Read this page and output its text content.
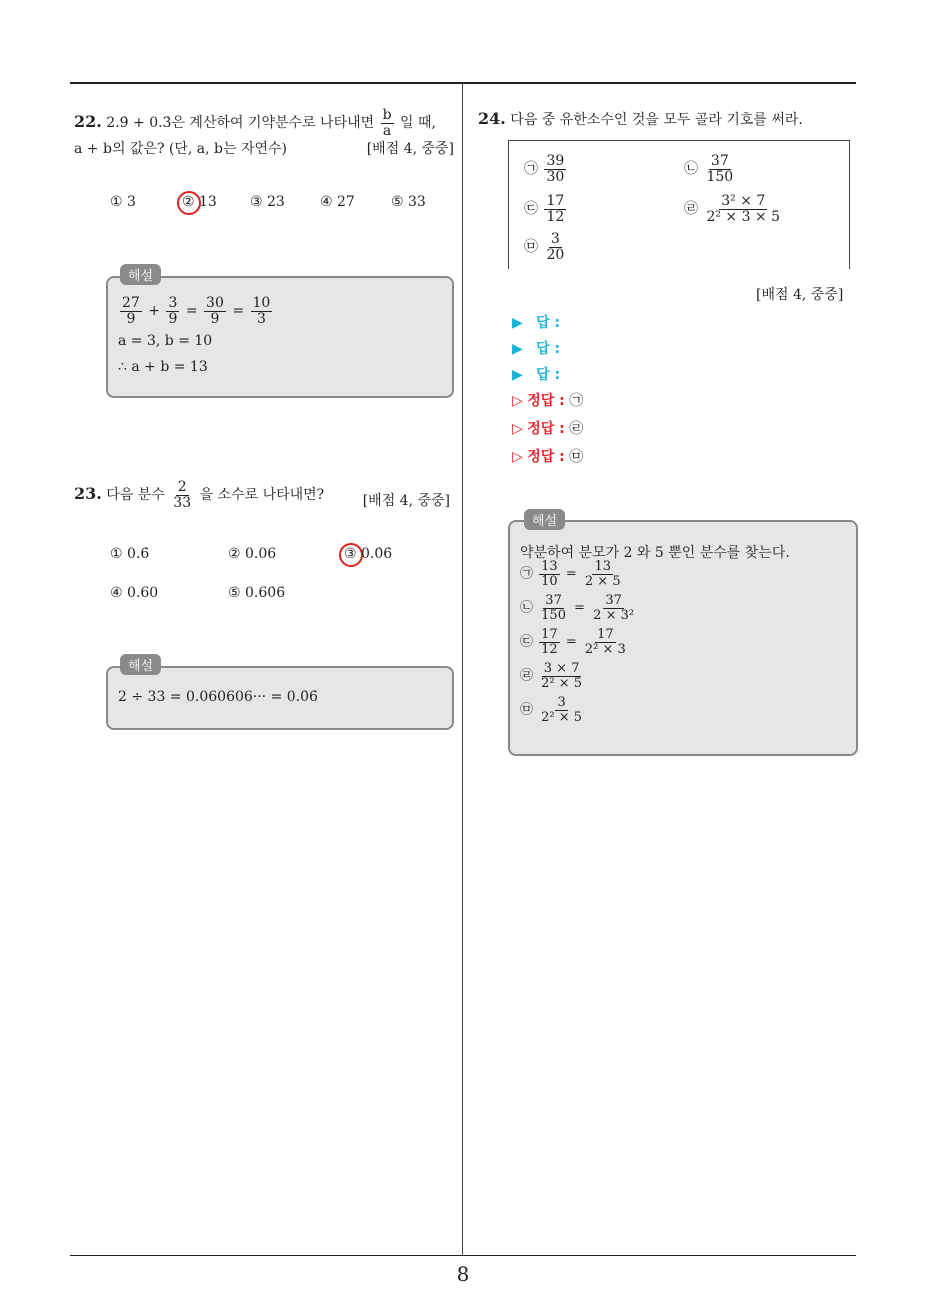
8
22. 2.9̇ + 0.3̇은 계산하여 기약분수로 나타내면 $\frac{b}{a}$ 일 때,
a + b의 값은? (단, a, b는 자연수)	[배점 4, 중중]
① 3	② 13 ③ 23	④ 27	⑤ 33
해설
$\frac{27}{9} + \frac{3}{9} = \frac{30}{9} = \frac{10}{3}$
a = 3, b = 10
∴ a + b = 13
23. 다음 분수 $\frac{2}{33}$ 을 소수로 나타내면?	[배점 4, 중중]
① 0.6̇	② 0.06	③ 0.0̇6̇
④ 0.60	⑤ 0.60̇6̇
해설
2 ÷ 33 = 0.060606··· = 0.0̇6̇
24. 다음 중 유한소수인 것을 모두 골라 기호를 써라.
㉠ $\frac{39}{30}$	㉡ $\frac{37}{150}$
㉢ $\frac{17}{12}$	㉣ $\frac{\text{3² × 7}}{\text{2² × 3 × 5}}$
㉤ $\frac{3}{20}$
[배점 4, 중중]
▶ 답 :
▶ 답 :
▶ 답 :
▷ 정답 : ㉠
▷ 정답 : ㉣
▷ 정답 : ㉤
해설
약분하여 분모가 2 와 5 뿐인 분수를 찾는다.
㉠ $\frac{13}{10} = \frac{13}{2 \times 5}$
㉡ $\frac{37}{150} = \frac{37}{\text{2 × 3²}}$
㉢ $\frac{17}{12} = \frac{17}{\text{2² × 3}}$
㉣ $\frac{3 \times 7}{\text{2² × 5}}$
㉤ $\frac{3}{\text{2² × 5}}$
